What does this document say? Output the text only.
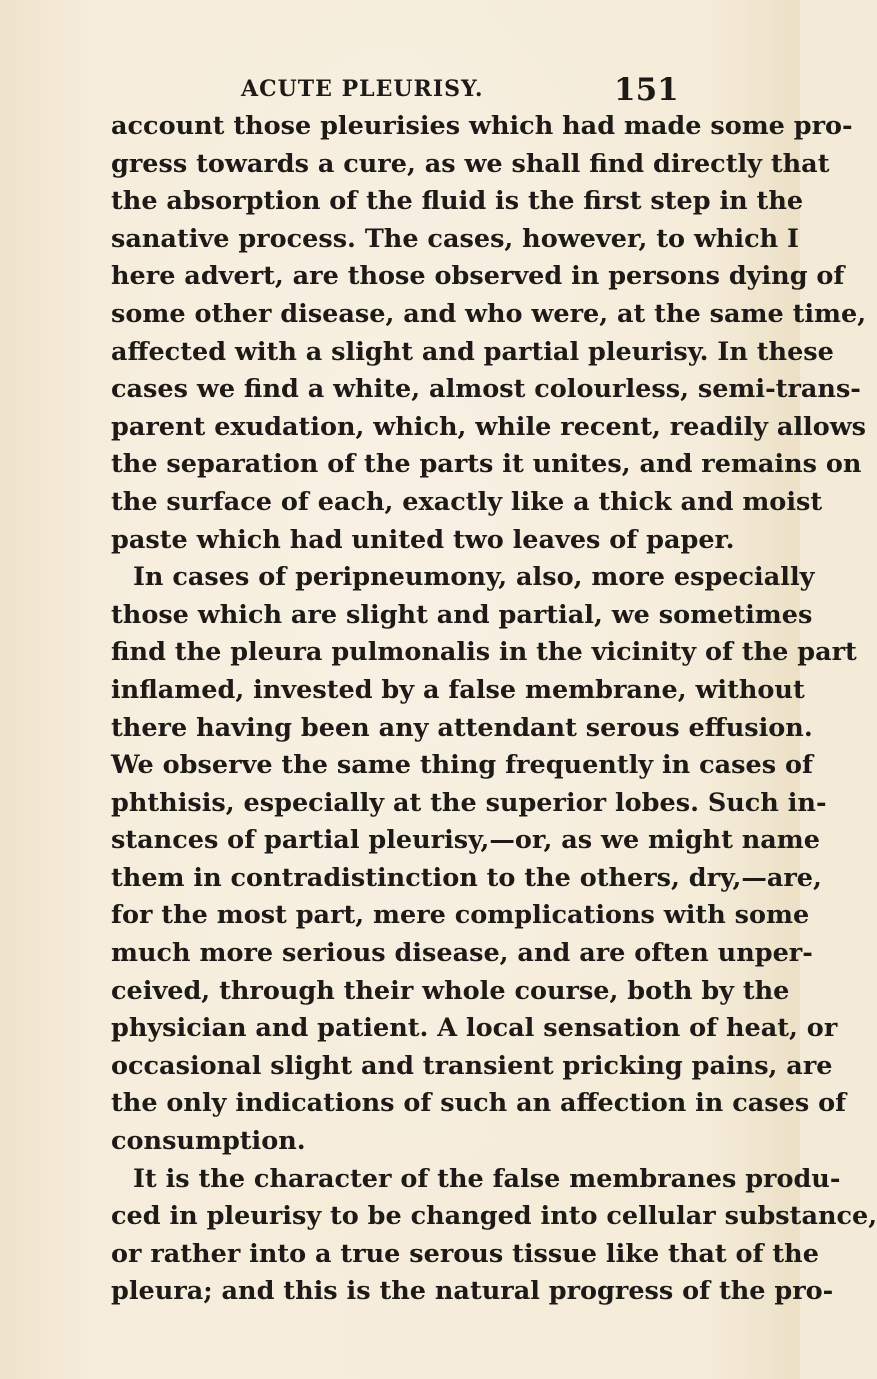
ACUTE PLEURISY.	151
account those pleurisies which had made some pro-
gress towards a cure, as we shall find directly that
the absorption of the fluid is the first step in the
sanative process. The cases, however, to which I
here advert, are those observed in persons dying of
some other disease, and who were, at the same time,
affected with a slight and partial pleurisy. In these
cases we find a white, almost colourless, semi-trans-
parent exudation, which, while recent, readily allows
the separation of the parts it unites, and remains on
the surface of each, exactly like a thick and moist
paste which had united two leaves of paper.
In cases of peripneumony, also, more especially
those which are slight and partial, we sometimes
find the pleura pulmonalis in the vicinity of the part
inflamed, invested by a false membrane, without
there having been any attendant serous effusion.
We observe the same thing frequently in cases of
phthisis, especially at the superior lobes. Such in-
stances of partial pleurisy,—or, as we might name
them in contradistinction to the others, dry,—are,
for the most part, mere complications with some
much more serious disease, and are often unper-
ceived, through their whole course, both by the
physician and patient. A local sensation of heat, or
occasional slight and transient pricking pains, are
the only indications of such an affection in cases of
consumption.
It is the character of the false membranes produ-
ced in pleurisy to be changed into cellular substance,
or rather into a true serous tissue like that of the
pleura; and this is the natural progress of the pro-
